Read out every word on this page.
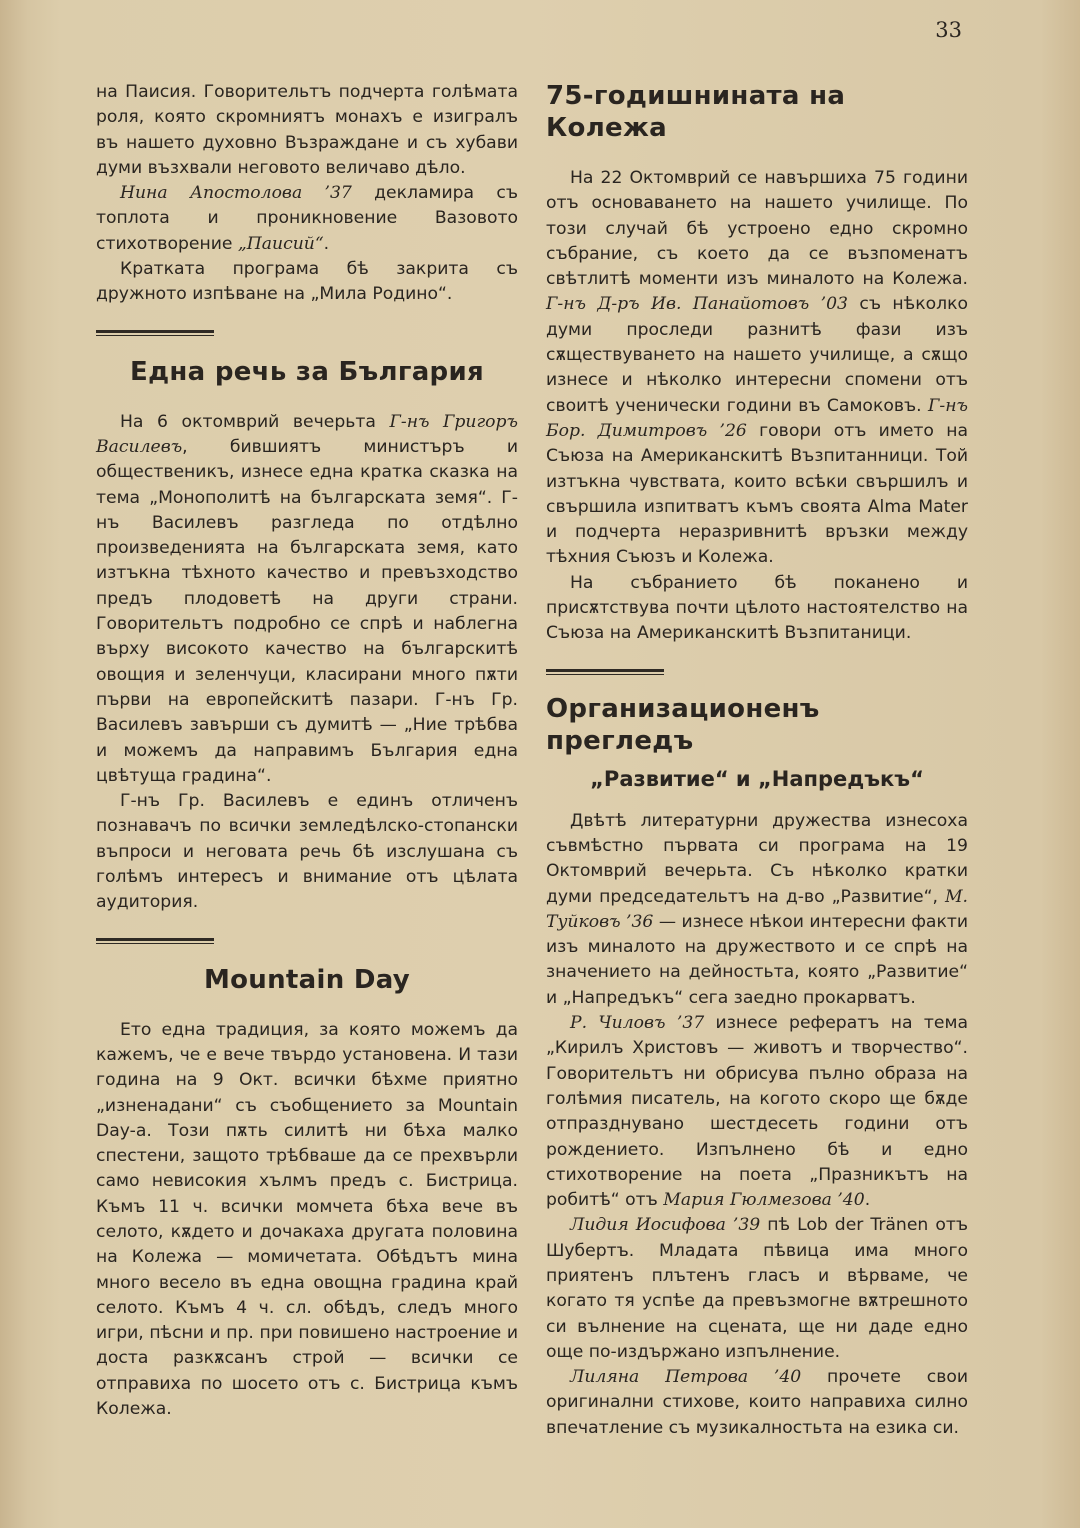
33

на Паисия. Говорительтъ подчерта голѣмата роля, която скромниятъ монахъ е изигралъ въ нашето духовно Възраждане и съ хубави думи възхвали неговото величаво дѣло.

Нина Апостолова ’37 декламира съ топлота и проникновение Вазовото стихотворение „Паисий“.

Кратката програма бѣ закрита съ дружното изпѣване на „Мила Родино“.

Една речь за България

На 6 октомврий вечерьта Г-нъ Григоръ Василевъ, бившиятъ министъръ и общественикъ, изнесе една кратка сказка на тема „Монополитѣ на българската земя“. Г-нъ Василевъ разгледа по отдѣлно произведенията на българската земя, като изтъкна тѣхното качество и превъзходство предъ плодоветѣ на други страни. Говорительтъ подробно се спрѣ и наблегна върху високото качество на българскитѣ овощия и зеленчуци, класирани много пѫти първи на европейскитѣ пазари. Г-нъ Гр. Василевъ завърши съ думитѣ — „Ние трѣбва и можемъ да направимъ България една цвѣтуща градина“.

Г-нъ Гр. Василевъ е единъ отличенъ познавачъ по всички земледѣлско-стопански въпроси и неговата речь бѣ изслушана съ голѣмъ интересъ и внимание отъ цѣлата аудитория.

Mountain Day

Ето една традиция, за която можемъ да кажемъ, че е вече твърдо установена. И тази година на 9 Окт. всички бѣхме приятно „изненадани“ съ съобщението за Mountain Day-а. Този пѫть силитѣ ни бѣха малко спестени, защото трѣбваше да се прехвърли само невисокия хълмъ предъ с. Бистрица. Къмъ 11 ч. всички момчета бѣха вече въ селото, кѫдето и дочакаха другата половина на Колежа — момичетата. Обѣдътъ мина много весело въ една овощна градина край селото. Къмъ 4 ч. сл. обѣдъ, следъ много игри, пѣсни и пр. при повишено настроение и доста разкѫсанъ строй — всички се отправиха по шосето отъ с. Бистрица къмъ Колежа.

75-годишнината на Колежа

На 22 Октомврий се навършиха 75 години отъ основаването на нашето училище. По този случай бѣ устроено едно скромно събрание, съ което да се възпоменатъ свѣтлитѣ моменти изъ миналото на Колежа. Г-нъ Д-ръ Ив. Панайотовъ ’03 съ нѣколко думи проследи разнитѣ фази изъ сѫществуването на нашето училище, а сѫщо изнесе и нѣколко интересни спомени отъ своитѣ ученически години въ Самоковъ. Г-нъ Бор. Димитровъ ’26 говори отъ името на Съюза на Американскитѣ Възпитанници. Той изтъкна чувствата, които всѣки свършилъ и свършила изпитватъ къмъ своята Alma Mater и подчерта неразривнитѣ връзки между тѣхния Съюзъ и Колежа.

На събранието бѣ поканено и присѫтствува почти цѣлото настоятелство на Съюза на Американскитѣ Възпитаници.

Организационенъ прегледъ
„Развитие“ и „Напредъкъ“

Двѣтѣ литературни дружества изнесоха съвмѣстно първата си програма на 19 Октомврий вечерьта. Съ нѣколко кратки думи председательтъ на д-во „Развитие“, М. Туйковъ ’36 — изнесе нѣкои интересни факти изъ миналото на дружеството и се спрѣ на значението на дейностьта, която „Развитие“ и „Напредъкъ“ сега заедно прокарватъ.

Р. Чиловъ ’37 изнесе рефератъ на тема „Кирилъ Христовъ — животъ и творчество“. Говорительтъ ни обрисува пълно образа на голѣмия писатель, на когото скоро ще бѫде отпразднувано шестдесеть години отъ рождението. Изпълнено бѣ и едно стихотворение на поета „Празникътъ на робитѣ“ отъ Мария Гюлмезова ’40.

Лидия Иосифова ’39 пѣ Lob der Tränen отъ Шубертъ. Младата пѣвица има много приятенъ плътенъ гласъ и вѣрваме, че когато тя успѣе да превъзмогне вѫтрешното си вълнение на сцената, ще ни даде едно още по-издържано изпълнение.

Лиляна Петрова ’40 прочете свои оригинални стихове, които направиха силно впечатление съ музикалностьта на езика си.
